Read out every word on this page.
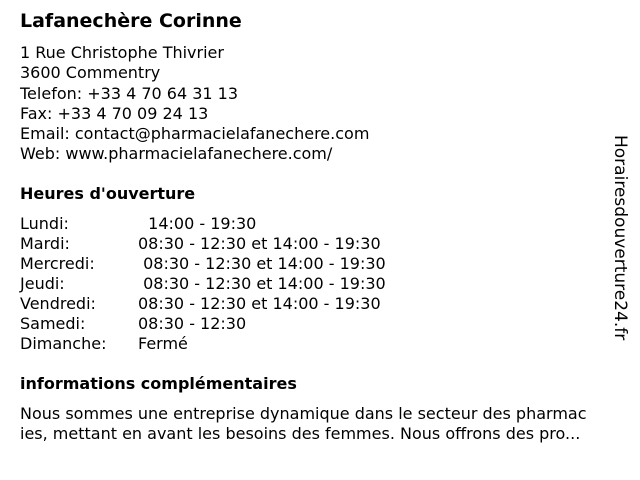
Lafanechère Corinne
1 Rue Christophe Thivrier
3600 Commentry
Telefon: +33 4 70 64 31 13
Fax: +33 4 70 09 24 13
Email: contact@pharmacielafanechere.com
Web: www.pharmacielafanechere.com/
Heures d'ouverture
Lundi:	14:00 - 19:30
Mardi:	08:30 - 12:30 et 14:00 - 19:30
Mercredi:	08:30 - 12:30 et 14:00 - 19:30
Jeudi:	08:30 - 12:30 et 14:00 - 19:30
Vendredi:	08:30 - 12:30 et 14:00 - 19:30
Samedi:	08:30 - 12:30
Dimanche:	Fermé
informations complémentaires
Nous sommes une entreprise dynamique dans le secteur des pharmac
ies, mettant en avant les besoins des femmes. Nous offrons des pro...
Horairesdouverture24.fr
